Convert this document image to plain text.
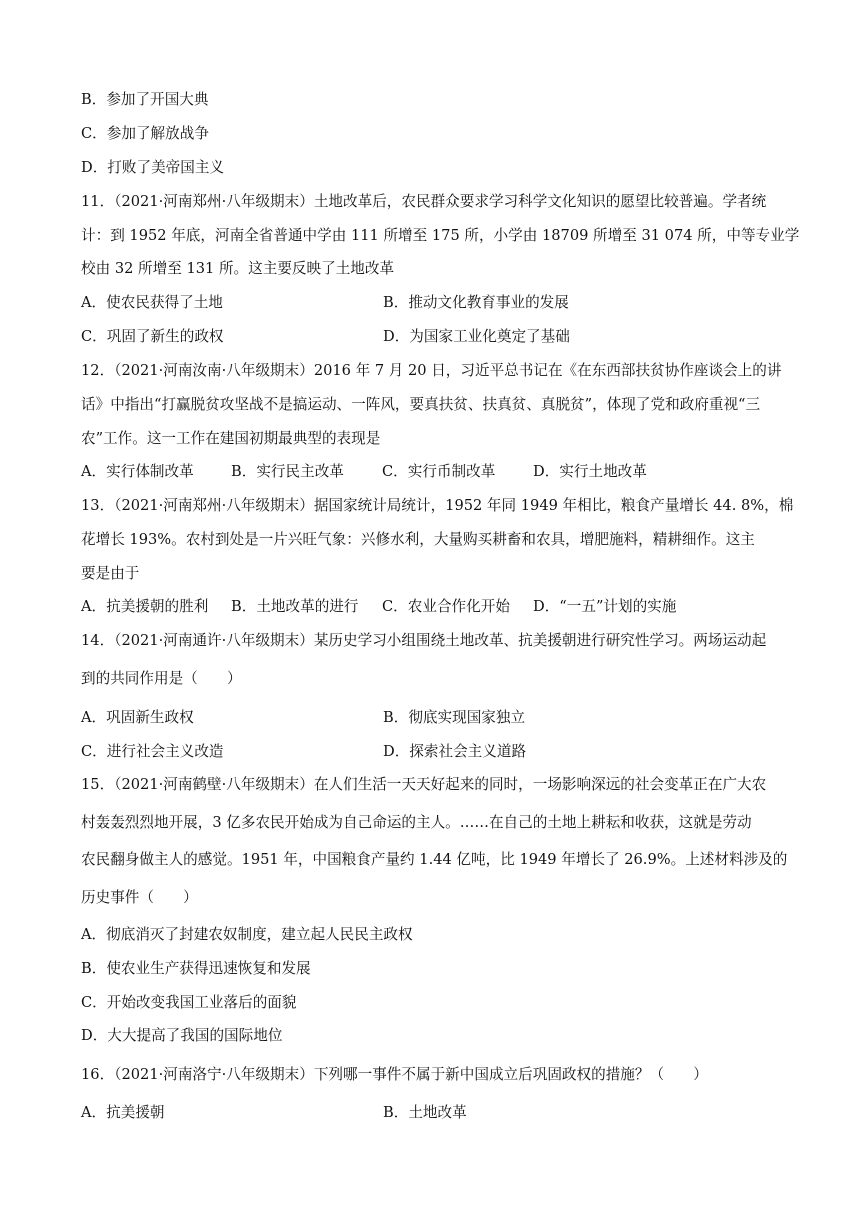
B．参加了开国大典
C．参加了解放战争
D．打败了美帝国主义
11．（2021·河南郑州·八年级期末）土地改革后，农民群众要求学习科学文化知识的愿望比较普遍。学者统
计：到 1952 年底，河南全省普通中学由 111 所增至 175 所，小学由 18709 所增至 31 074 所，中等专业学
校由 32 所增至 131 所。这主要反映了土地改革
A．使农民获得了土地	B．推动文化教育事业的发展
C．巩固了新生的政权	D．为国家工业化奠定了基础
12．（2021·河南汝南·八年级期末）2016 年 7 月 20 日，习近平总书记在《在东西部扶贫协作座谈会上的讲
话》中指出“打赢脱贫攻坚战不是搞运动、一阵风，要真扶贫、扶真贫、真脱贫”，体现了党和政府重视“三
农”工作。这一工作在建国初期最典型的表现是
A．实行体制改革	B．实行民主改革	C．实行币制改革	D．实行土地改革
13．（2021·河南郑州·八年级期末）据国家统计局统计，1952 年同 1949 年相比，粮食产量增长 44. 8%，棉
花增长 193%。农村到处是一片兴旺气象：兴修水利，大量购买耕畜和农具，增肥施料，精耕细作。这主
要是由于
A．抗美援朝的胜利 B．土地改革的进行 C．农业合作化开始 D．“一五”计划的实施
14．（2021·河南通许·八年级期末）某历史学习小组围绕土地改革、抗美援朝进行研究性学习。两场运动起
到的共同作用是（　　）
A．巩固新生政权	B．彻底实现国家独立
C．进行社会主义改造	D．探索社会主义道路
15．（2021·河南鹤壁·八年级期末）在人们生活一天天好起来的同时，一场影响深远的社会变革正在广大农
村轰轰烈烈地开展，3 亿多农民开始成为自己命运的主人。……在自己的土地上耕耘和收获，这就是劳动
农民翻身做主人的感觉。1951 年，中国粮食产量约 1.44 亿吨，比 1949 年增长了 26.9%。上述材料涉及的
历史事件（　　）
A．彻底消灭了封建农奴制度，建立起人民民主政权
B．使农业生产获得迅速恢复和发展
C．开始改变我国工业落后的面貌
D．大大提高了我国的国际地位
16．（2021·河南洛宁·八年级期末）下列哪一事件不属于新中国成立后巩固政权的措施？（　　）
A．抗美援朝	B．土地改革
